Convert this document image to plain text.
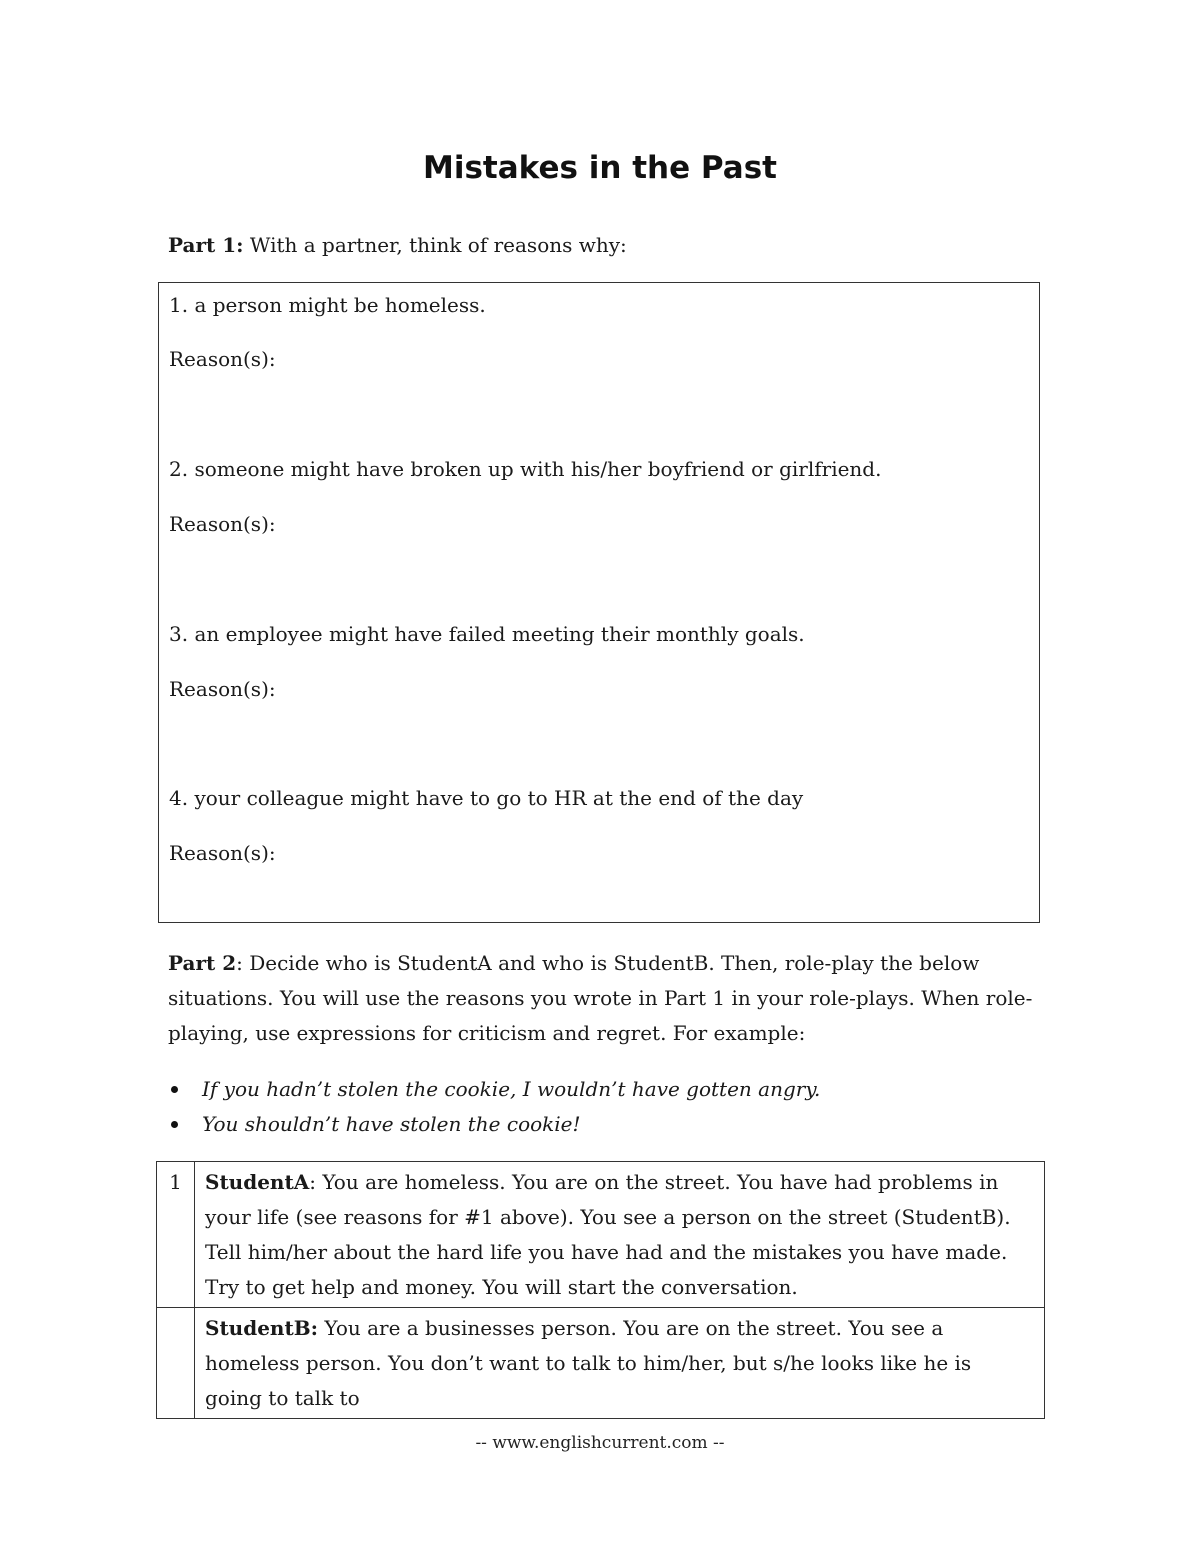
Mistakes in the Past
Part 1: With a partner, think of reasons why:
1. a person might be homeless.
Reason(s):
2. someone might have broken up with his/her boyfriend or girlfriend.
Reason(s):
3. an employee might have failed meeting their monthly goals.
Reason(s):
4. your colleague might have to go to HR at the end of the day
Reason(s):
Part 2: Decide who is StudentA and who is StudentB. Then, role-play the below situations. You will use the reasons you wrote in Part 1 in your role-plays. When role-playing, use expressions for criticism and regret. For example:
If you hadn’t stolen the cookie, I wouldn’t have gotten angry.
You shouldn’t have stolen the cookie!
1	StudentA: You are homeless. You are on the street. You have had problems in your life (see reasons for #1 above). You see a person on the street (StudentB). Tell him/her about the hard life you have had and the mistakes you have made. Try to get help and money. You will start the conversation.
	StudentB: You are a businesses person. You are on the street. You see a homeless person. You don’t want to talk to him/her, but s/he looks like he is going to talk to
-- www.englishcurrent.com --
